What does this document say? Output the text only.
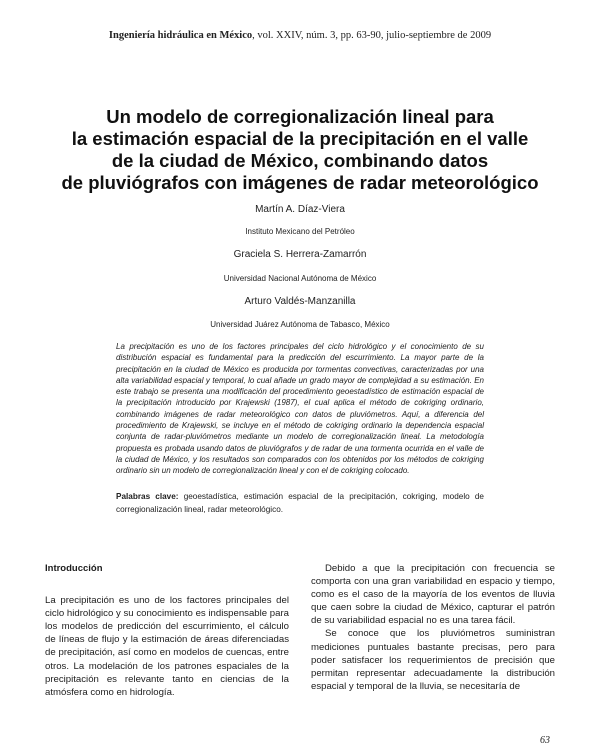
Ingeniería hidráulica en México, vol. XXIV, núm. 3, pp. 63-90, julio-septiembre de 2009
Un modelo de corregionalización lineal para
la estimación espacial de la precipitación en el valle
de la ciudad de México, combinando datos
de pluviógrafos con imágenes de radar meteorológico
Martín A. Díaz-Viera
Instituto Mexicano del Petróleo
Graciela S. Herrera-Zamarrón
Universidad Nacional Autónoma de México
Arturo Valdés-Manzanilla
Universidad Juárez Autónoma de Tabasco, México

La precipitación es uno de los factores principales del ciclo hidrológico y el conocimiento de su distribución espacial es fundamental para la predicción del escurrimiento. La mayor parte de la precipitación en la ciudad de México es producida por tormentas convectivas, caracterizadas por una alta variabilidad espacial y temporal, lo cual añade un grado mayor de complejidad a su estimación. En este trabajo se presenta una modificación del procedimiento geoestadístico de estimación espacial de la precipitación introducido por Krajewski (1987), el cual aplica el método de cokriging ordinario, combinando imágenes de radar meteorológico con datos de pluviómetros. Aquí, a diferencia del procedimiento de Krajewski, se incluye en el método de cokriging ordinario la dependencia espacial conjunta de radar-pluviómetros mediante un modelo de corregionalización lineal. La metodología propuesta es probada usando datos de pluviógrafos y de radar de una tormenta ocurrida en el valle de la ciudad de México, y los resultados son comparados con los obtenidos por los métodos de cokriging ordinario sin un modelo de corregionalización lineal y con el de cokriging colocado.

Palabras clave: geoestadística, estimación espacial de la precipitación, cokriging, modelo de corregionalización lineal, radar meteorológico.

Introducción

La precipitación es uno de los factores principales del ciclo hidrológico y su conocimiento es indispensable para los modelos de predicción del escurrimiento, el cálculo de líneas de flujo y la estimación de áreas diferenciadas de precipitación, así como en modelos de cuencas, entre otros. La modelación de los patrones espaciales de la precipitación es relevante tanto en ciencias de la atmósfera como en hidrología.

Debido a que la precipitación con frecuencia se comporta con una gran variabilidad en espacio y tiempo, como es el caso de la mayoría de los eventos de lluvia que caen sobre la ciudad de México, capturar el patrón de su variabilidad espacial no es una tarea fácil.

Se conoce que los pluviómetros suministran mediciones puntuales bastante precisas, pero para poder satisfacer los requerimientos de precisión que permitan representar adecuadamente la distribución espacial y temporal de la lluvia, se necesitaría de

63
